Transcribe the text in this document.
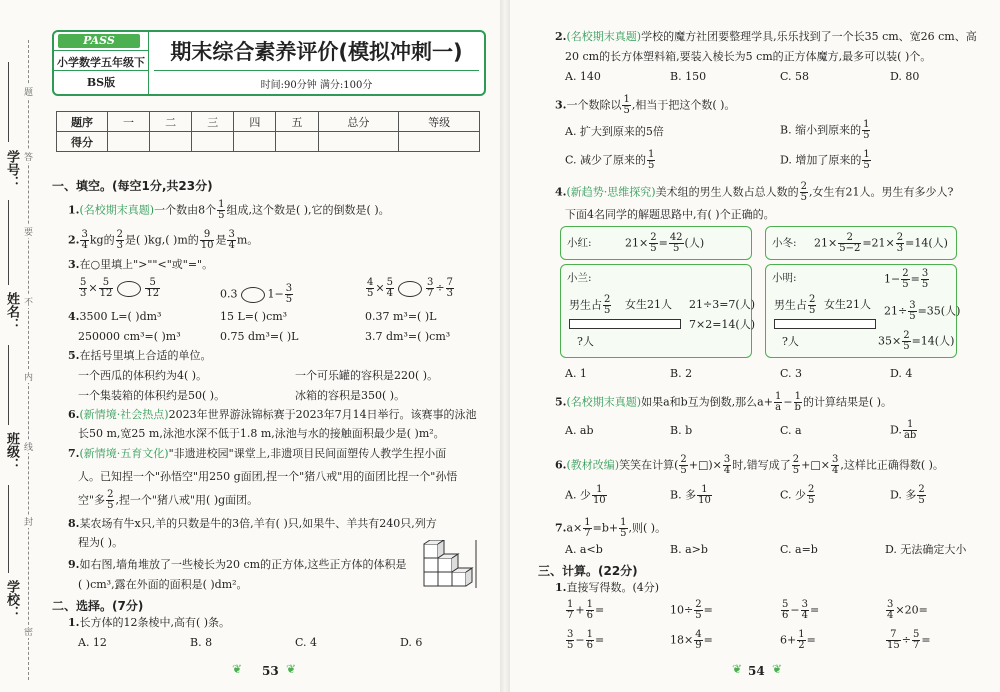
题
答
要
不
内
线
封
密
学号：
姓名：
班级：
学校：
PASS
小学数学五年级下
BS版
期末综合素养评价(模拟冲刺一)
时间:90分钟 满分:100分
题序	一	二	三	四	五	总分	等级
得分							
一、填空。(每空1分,共23分)
1.(名校期末真题)一个数由8个 $\frac{1}{5}$ 组成,这个数是( ),它的倒数是( )。
2. $\frac{3}{4}$ kg的 $\frac{2}{3}$ 是( )kg,( )m的 $\frac{9}{10}$ 是 $\frac{3}{4}$ m。
3.在○里填上">""<"或"="。
$\frac{5}{3} \times \frac{5}{12}$	$\frac{5}{12}$	0.3	$1- \frac{3}{5}$	$\frac{4}{5} \times \frac{5}{4}$	$\frac{3}{7} \div \frac{7}{3}$
4.3500 L=( )dm³	15 L=( )cm³	0.37 m³=( )L
250000 cm³=( )m³	0.75 dm³=( )L	3.7 dm³=( )cm³
5.在括号里填上合适的单位。
一个西瓜的体积约为4( )。	一个可乐罐的容积是220( )。
一个集装箱的体积约是50( )。	冰箱的容积是350( )。
6.(新情境·社会热点)2023年世界游泳锦标赛于2023年7月14日举行。该赛事的泳池
长50 m,宽25 m,泳池水深不低于1.8 m,泳池与水的接触面积最少是( )m²。
7.(新情境·五育文化)"非遗进校园"课堂上,非遗项目民间面塑传人教学生捏小面
人。已知捏一个"孙悟空"用250 g面团,捏一个"猪八戒"用的面团比捏一个"孙悟
空"多 $\frac{2}{5}$ ,捏一个"猪八戒"用( )g面团。
8.某农场有牛x只,羊的只数是牛的3倍,羊有( )只,如果牛、羊共有240只,列方
程为( )。
9.如右图,墙角堆放了一些棱长为20 cm的正方体,这些正方体的体积是
( )cm³,露在外面的面积是( )dm²。
二、选择。(7分)
1.长方体的12条棱中,高有( )条。
A. 12	B. 8	C. 4	D. 6
❦ 53 ❦
2.(名校期末真题)学校的魔方社团要整理学具,乐乐找到了一个长35 cm、宽26 cm、高
20 cm的长方体塑料箱,要装入棱长为5 cm的正方体魔方,最多可以装( )个。
A. 140	B. 150	C. 58	D. 80
3.一个数除以 $\frac{1}{5}$ ,相当于把这个数( )。
A. 扩大到原来的5倍	B. 缩小到原来的 $\frac{1}{5}$
C. 减少了原来的 $\frac{1}{5}$	D. 增加了原来的 $\frac{1}{5}$
4.(新趋势·思维探究)美术组的男生人数占总人数的 $\frac{2}{5}$ ,女生有21人。男生有多少人?
下面4名同学的解题思路中,有( )个正确的。
小红:	$21\times \frac{2}{5} = \frac{42}{5}$ (人)	小冬: $21\times \frac{2}{5-2} =21\times \frac{2}{3} =14$(人)
小兰:
男生占 $\frac{2}{5}$ 女生21人
?人
21÷3=7(人)
7×2=14(人)
小明:
男生占 $\frac{2}{5}$ 女生21人
?人
$1- \frac{2}{5} = \frac{3}{5}$
$21\div \frac{3}{5} =35$(人)
$35\times \frac{2}{5} =14$(人)
A. 1	B. 2	C. 3	D. 4
5.(名校期末真题)如果a和b互为倒数,那么$a+ \frac{1}{a} - \frac{1}{b}$ 的计算结果是( )。
A. ab	B. b	C. a	D. $\frac{1}{ab}$
6.(教材改编)笑笑在计算( $\frac{2}{5}$ +□)× $\frac{3}{4}$ 时,错写成了 $\frac{2}{5}$ +□× $\frac{3}{4}$ ,这样比正确得数( )。
A. 少 $\frac{1}{10}$	B. 多 $\frac{1}{10}$	C. 少 $\frac{2}{5}$	D. 多 $\frac{2}{5}$
$7.a\times \frac{1}{7} =b+ \frac{1}{5}$ ,则( )。
A. a<b	B. a>b	C. a=b	D. 无法确定大小
三、计算。(22分)
1.直接写得数。(4分)
$\frac{1}{7} + \frac{1}{6}$ =	$10\div \frac{2}{5}$ =	$\frac{5}{6} - \frac{3}{4}$ =	$\frac{3}{4} \times 20=$
$\frac{3}{5} - \frac{1}{6}$ =	$18\times \frac{4}{9}$ =	$6+ \frac{1}{2}$ =	$\frac{7}{15} \div \frac{5}{7}$ =
❦ 54 ❦
